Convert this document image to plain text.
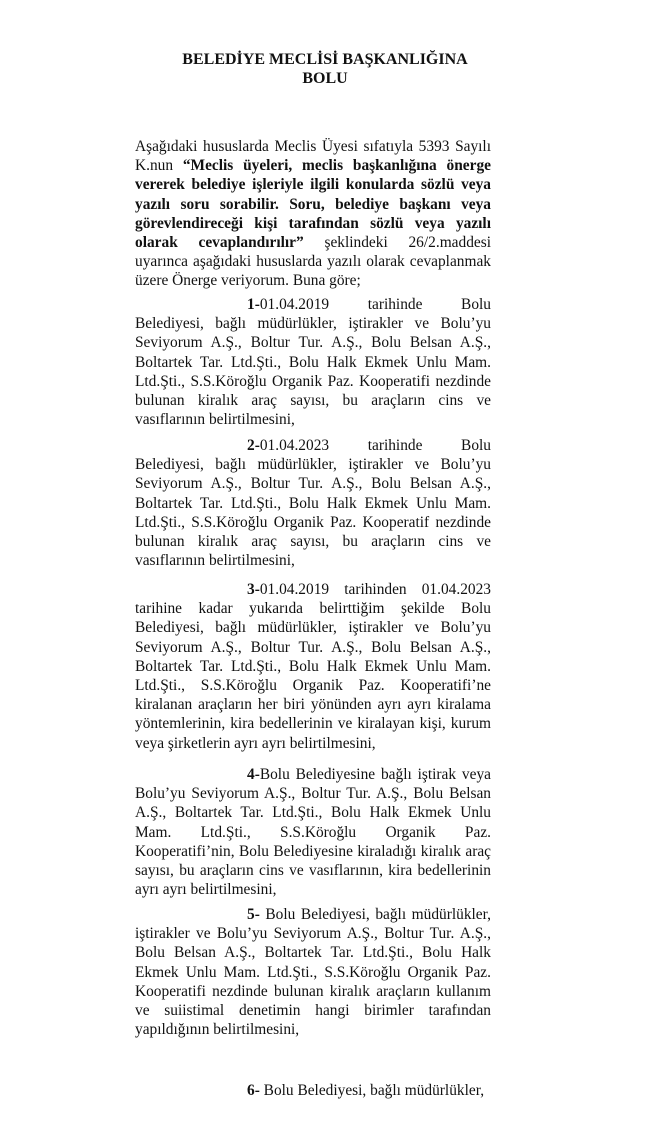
BELEDİYE MECLİSİ BAŞKANLIĞINA
BOLU

Aşağıdaki hususlarda Meclis Üyesi sıfatıyla 5393 Sayılı K.nun “Meclis üyeleri, meclis başkanlığına önerge vererek belediye işleriyle ilgili konularda sözlü veya yazılı soru sorabilir. Soru, belediye başkanı veya görevlendireceği kişi tarafından sözlü veya yazılı olarak cevaplandırılır” şeklindeki 26/2.maddesi uyarınca aşağıdaki hususlarda yazılı olarak cevaplanmak üzere Önerge veriyorum. Buna göre;

1-01.04.2019 tarihinde Bolu Belediyesi, bağlı müdürlükler, iştirakler ve Bolu’yu Seviyorum A.Ş., Boltur Tur. A.Ş., Bolu Belsan A.Ş., Boltartek Tar. Ltd.Şti., Bolu Halk Ekmek Unlu Mam. Ltd.Şti., S.S.Köroğlu Organik Paz. Kooperatifi nezdinde bulunan kiralık araç sayısı, bu araçların cins ve vasıflarının belirtilmesini,

2-01.04.2023 tarihinde Bolu Belediyesi, bağlı müdürlükler, iştirakler ve Bolu’yu Seviyorum A.Ş., Boltur Tur. A.Ş., Bolu Belsan A.Ş., Boltartek Tar. Ltd.Şti., Bolu Halk Ekmek Unlu Mam. Ltd.Şti., S.S.Köroğlu Organik Paz. Kooperatif nezdinde bulunan kiralık araç sayısı, bu araçların cins ve vasıflarının belirtilmesini,

3-01.04.2019 tarihinden 01.04.2023 tarihine kadar yukarıda belirttiğim şekilde Bolu Belediyesi, bağlı müdürlükler, iştirakler ve Bolu’yu Seviyorum A.Ş., Boltur Tur. A.Ş., Bolu Belsan A.Ş., Boltartek Tar. Ltd.Şti., Bolu Halk Ekmek Unlu Mam. Ltd.Şti., S.S.Köroğlu Organik Paz. Kooperatifi’ne kiralanan araçların her biri yönünden ayrı ayrı kiralama yöntemlerinin, kira bedellerinin ve kiralayan kişi, kurum veya şirketlerin ayrı ayrı belirtilmesini,

4-Bolu Belediyesine bağlı iştirak veya Bolu’yu Seviyorum A.Ş., Boltur Tur. A.Ş., Bolu Belsan A.Ş., Boltartek Tar. Ltd.Şti., Bolu Halk Ekmek Unlu Mam. Ltd.Şti., S.S.Köroğlu Organik Paz. Kooperatifi’nin, Bolu Belediyesine kiraladığı kiralık araç sayısı, bu araçların cins ve vasıflarının, kira bedellerinin ayrı ayrı belirtilmesini,

5- Bolu Belediyesi, bağlı müdürlükler, iştirakler ve Bolu’yu Seviyorum A.Ş., Boltur Tur. A.Ş., Bolu Belsan A.Ş., Boltartek Tar. Ltd.Şti., Bolu Halk Ekmek Unlu Mam. Ltd.Şti., S.S.Köroğlu Organik Paz. Kooperatifi nezdinde bulunan kiralık araçların kullanım ve suiistimal denetimin hangi birimler tarafından yapıldığının belirtilmesini,

6- Bolu Belediyesi, bağlı müdürlükler,
